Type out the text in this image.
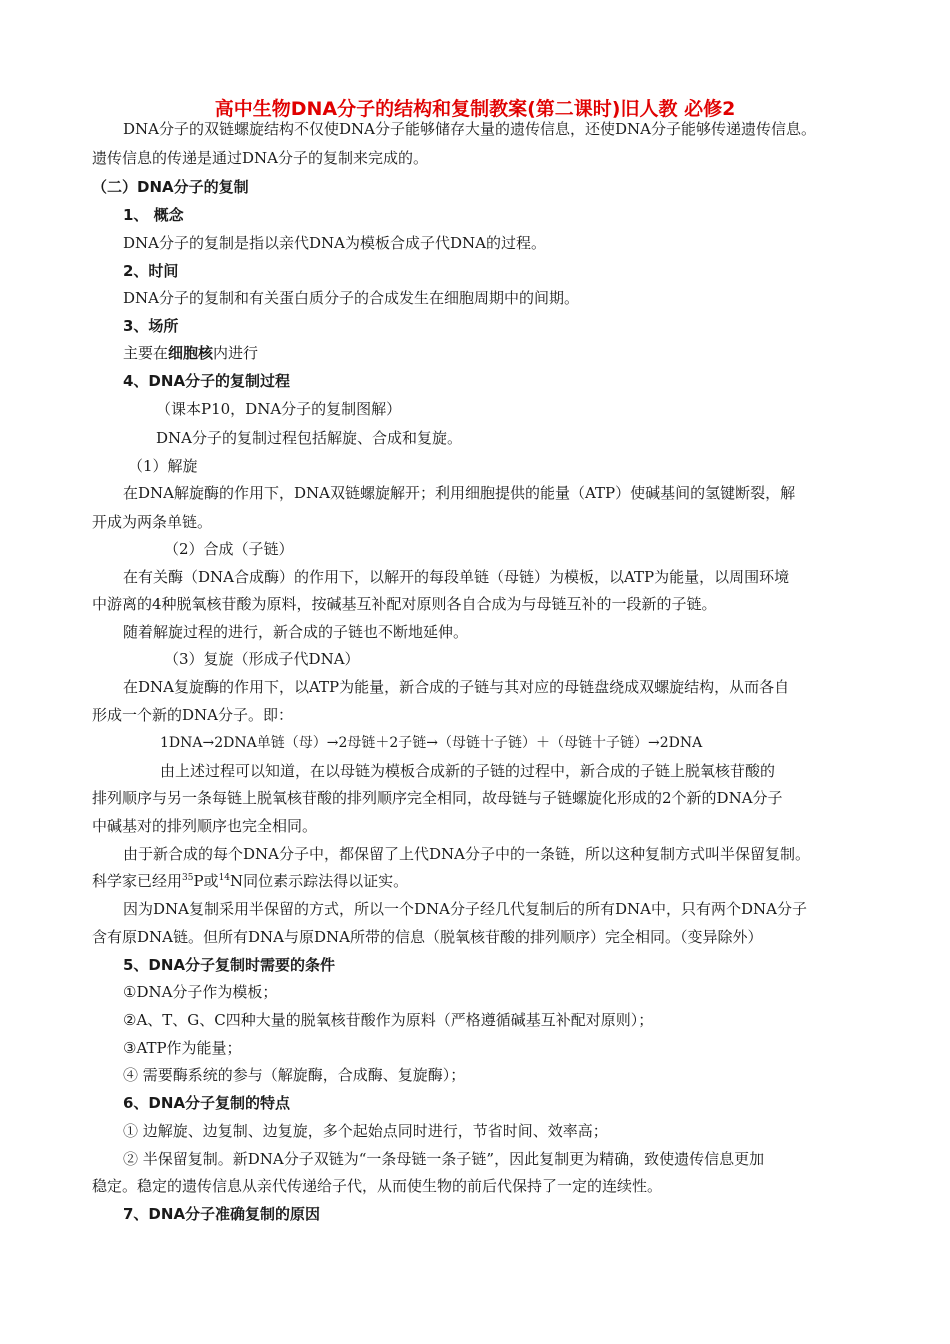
高中生物DNA分子的结构和复制教案(第二课时)旧人教 必修2
DNA分子的双链螺旋结构不仅使DNA分子能够储存大量的遗传信息，还使DNA分子能够传递遗传信息。
遗传信息的传递是通过DNA分子的复制来完成的。
（二）DNA分子的复制
1、 概念
DNA分子的复制是指以亲代DNA为模板合成子代DNA的过程。
2、时间
DNA分子的复制和有关蛋白质分子的合成发生在细胞周期中的间期。
3、场所
主要在细胞核内进行
4、DNA分子的复制过程
（课本P10，DNA分子的复制图解）
DNA分子的复制过程包括解旋、合成和复旋。
（1）解旋
在DNA解旋酶的作用下，DNA双链螺旋解开；利用细胞提供的能量（ATP）使碱基间的氢键断裂，解
开成为两条单链。
（2）合成（子链）
在有关酶（DNA合成酶）的作用下，以解开的每段单链（母链）为模板，以ATP为能量，以周围环境
中游离的4种脱氧核苷酸为原料，按碱基互补配对原则各自合成为与母链互补的一段新的子链。
随着解旋过程的进行，新合成的子链也不断地延伸。
（3）复旋（形成子代DNA）
在DNA复旋酶的作用下，以ATP为能量，新合成的子链与其对应的母链盘绕成双螺旋结构，从而各自
形成一个新的DNA分子。即：
1DNA→2DNA单链（母）→2母链＋2子链→（母链十子链）＋（母链十子链）→2DNA
由上述过程可以知道，在以母链为模板合成新的子链的过程中，新合成的子链上脱氧核苷酸的
排列顺序与另一条每链上脱氧核苷酸的排列顺序完全相同，故母链与子链螺旋化形成的2个新的DNA分子
中碱基对的排列顺序也完全相同。
由于新合成的每个DNA分子中，都保留了上代DNA分子中的一条链，所以这种复制方式叫半保留复制。
科学家已经用$^{35}$P或$^{14}$N同位素示踪法得以证实。
因为DNA复制采用半保留的方式，所以一个DNA分子经几代复制后的所有DNA中，只有两个DNA分子
含有原DNA链。但所有DNA与原DNA所带的信息（脱氧核苷酸的排列顺序）完全相同。（变异除外）
5、DNA分子复制时需要的条件
①DNA分子作为模板；
②A、T、G、C四种大量的脱氧核苷酸作为原料（严格遵循碱基互补配对原则）；
③ATP作为能量；
④ 需要酶系统的参与（解旋酶，合成酶、复旋酶）；
6、DNA分子复制的特点
① 边解旋、边复制、边复旋，多个起始点同时进行，节省时间、效率高；
② 半保留复制。新DNA分子双链为“一条母链一条子链”，因此复制更为精确，致使遗传信息更加
稳定。稳定的遗传信息从亲代传递给子代，从而使生物的前后代保持了一定的连续性。
7、DNA分子准确复制的原因
